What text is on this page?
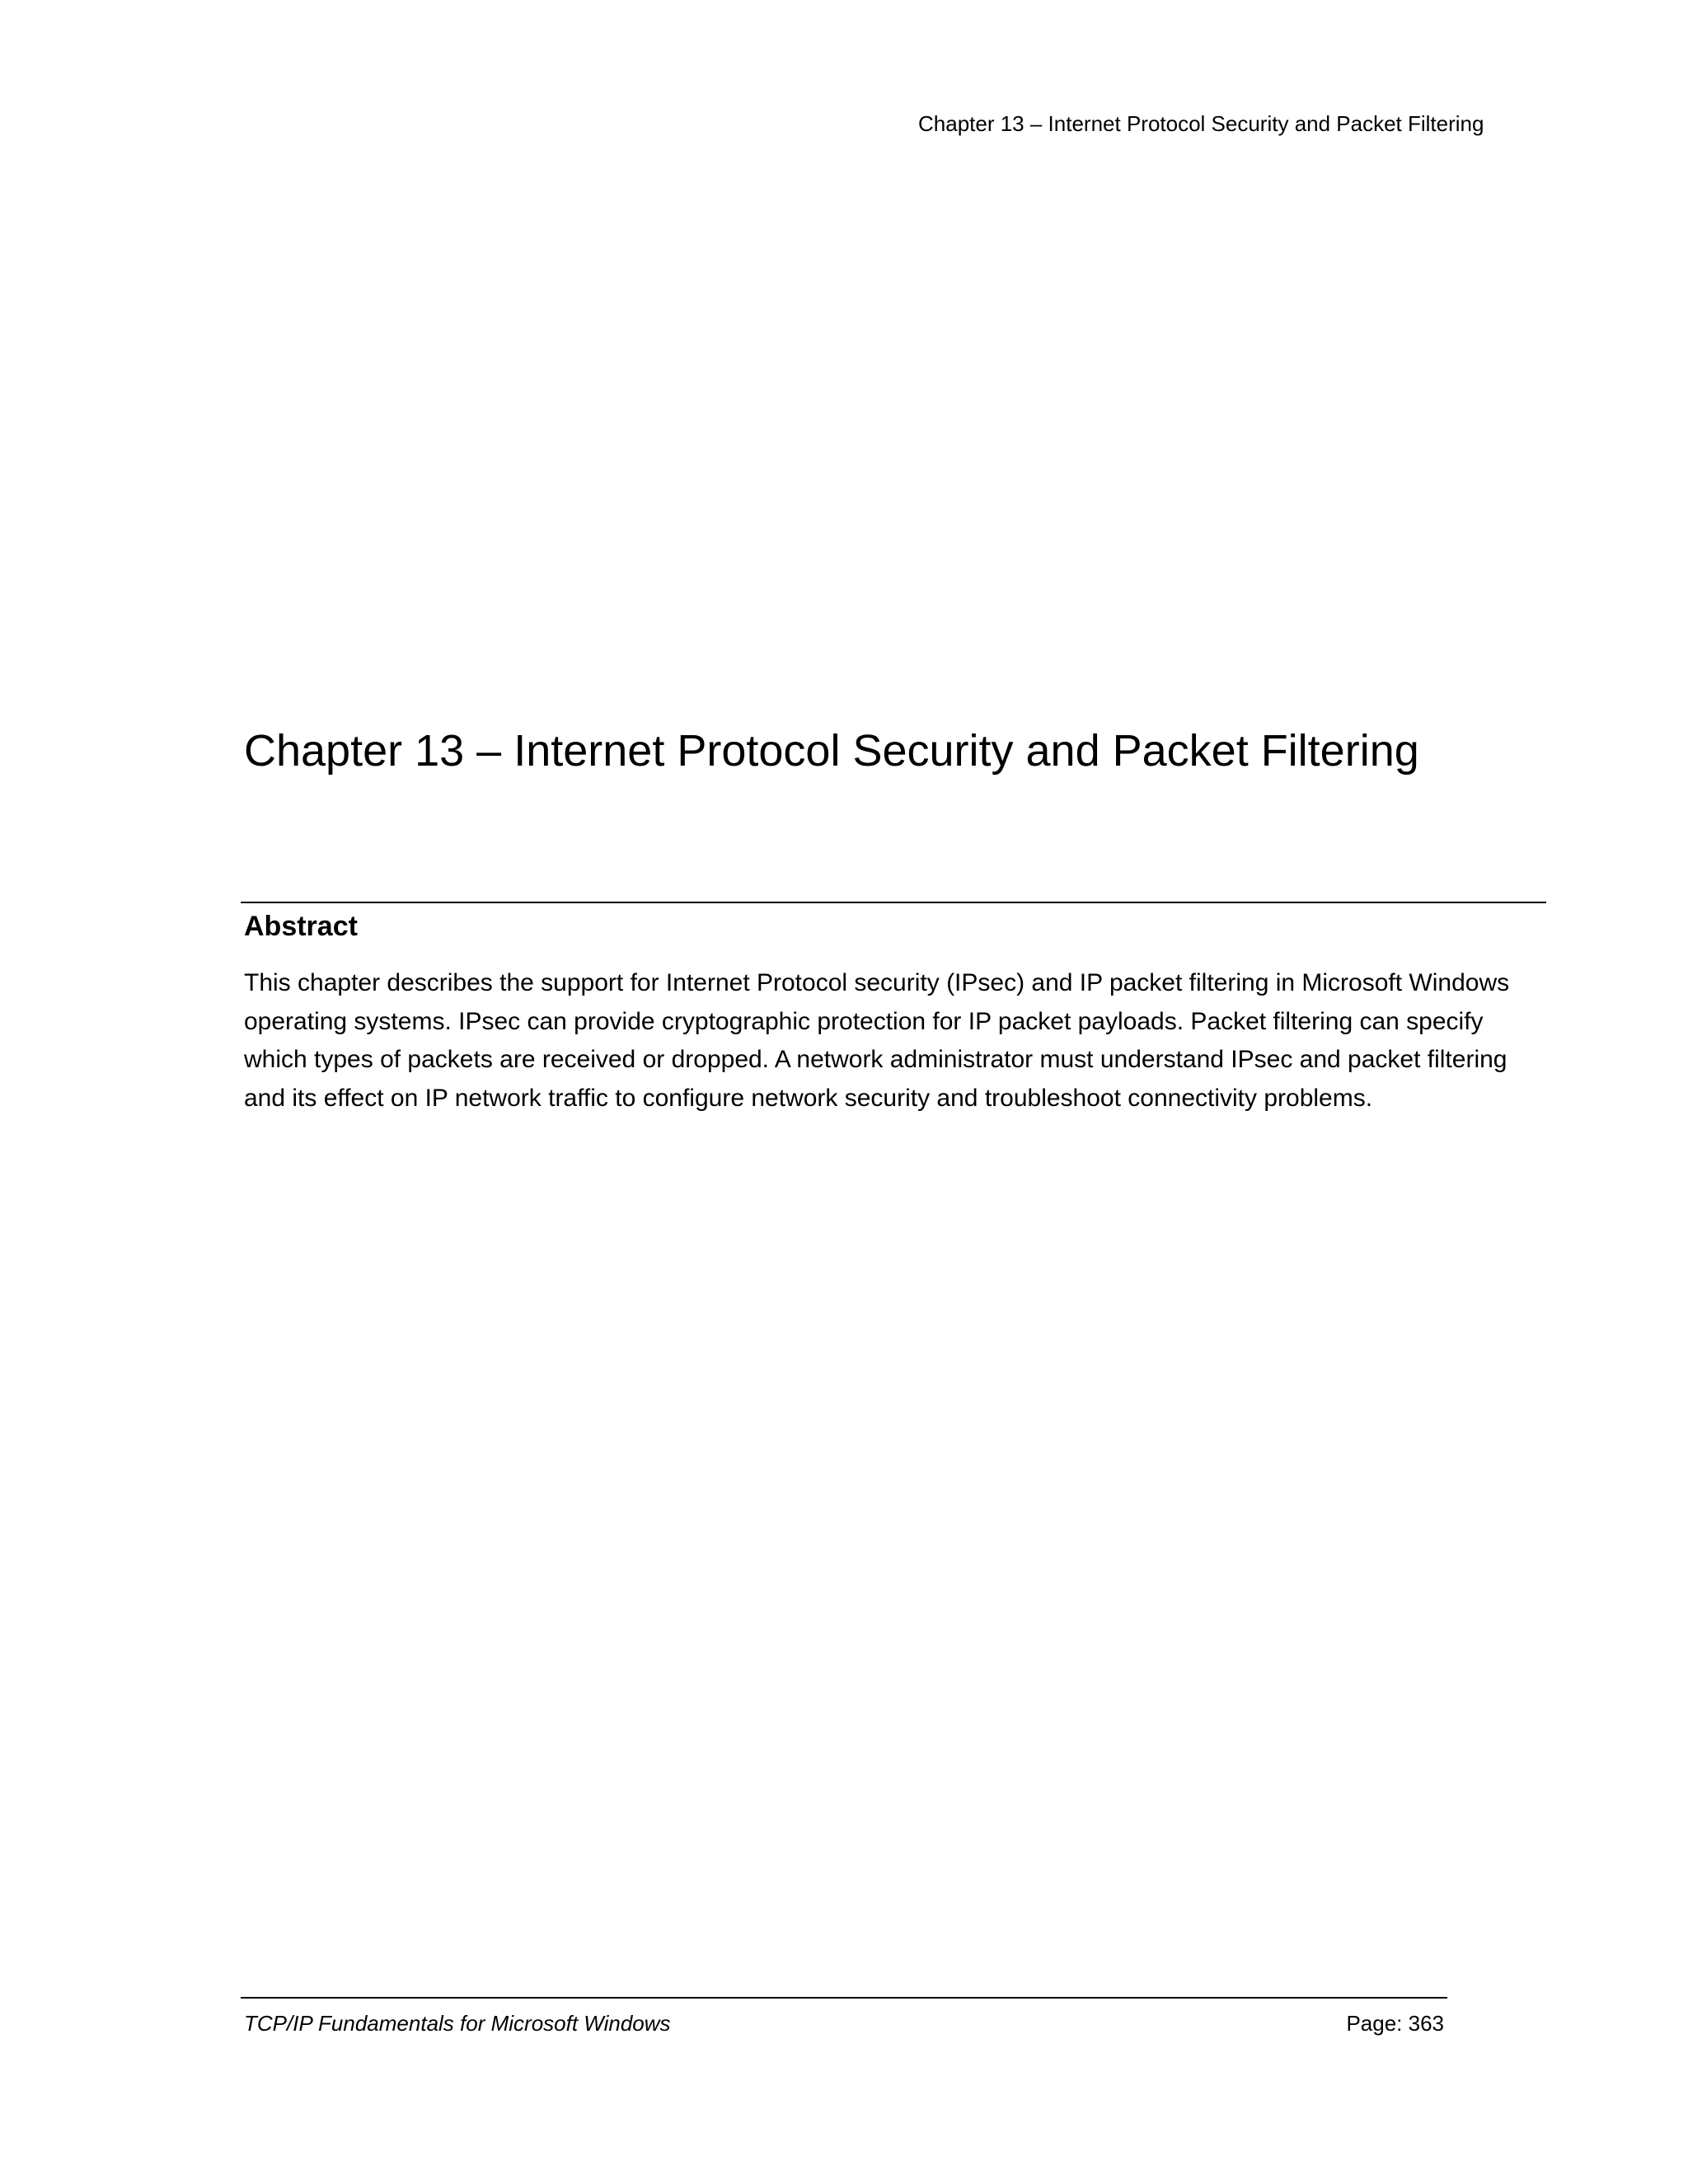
Chapter 13 – Internet Protocol Security and Packet Filtering
Chapter 13 – Internet Protocol Security and Packet Filtering
Abstract

This chapter describes the support for Internet Protocol security (IPsec) and IP packet filtering in Microsoft Windows operating systems. IPsec can provide cryptographic protection for IP packet payloads. Packet filtering can specify which types of packets are received or dropped. A network administrator must understand IPsec and packet filtering and its effect on IP network traffic to configure network security and troubleshoot connectivity problems.

TCP/IP Fundamentals for Microsoft Windows	Page: 363
